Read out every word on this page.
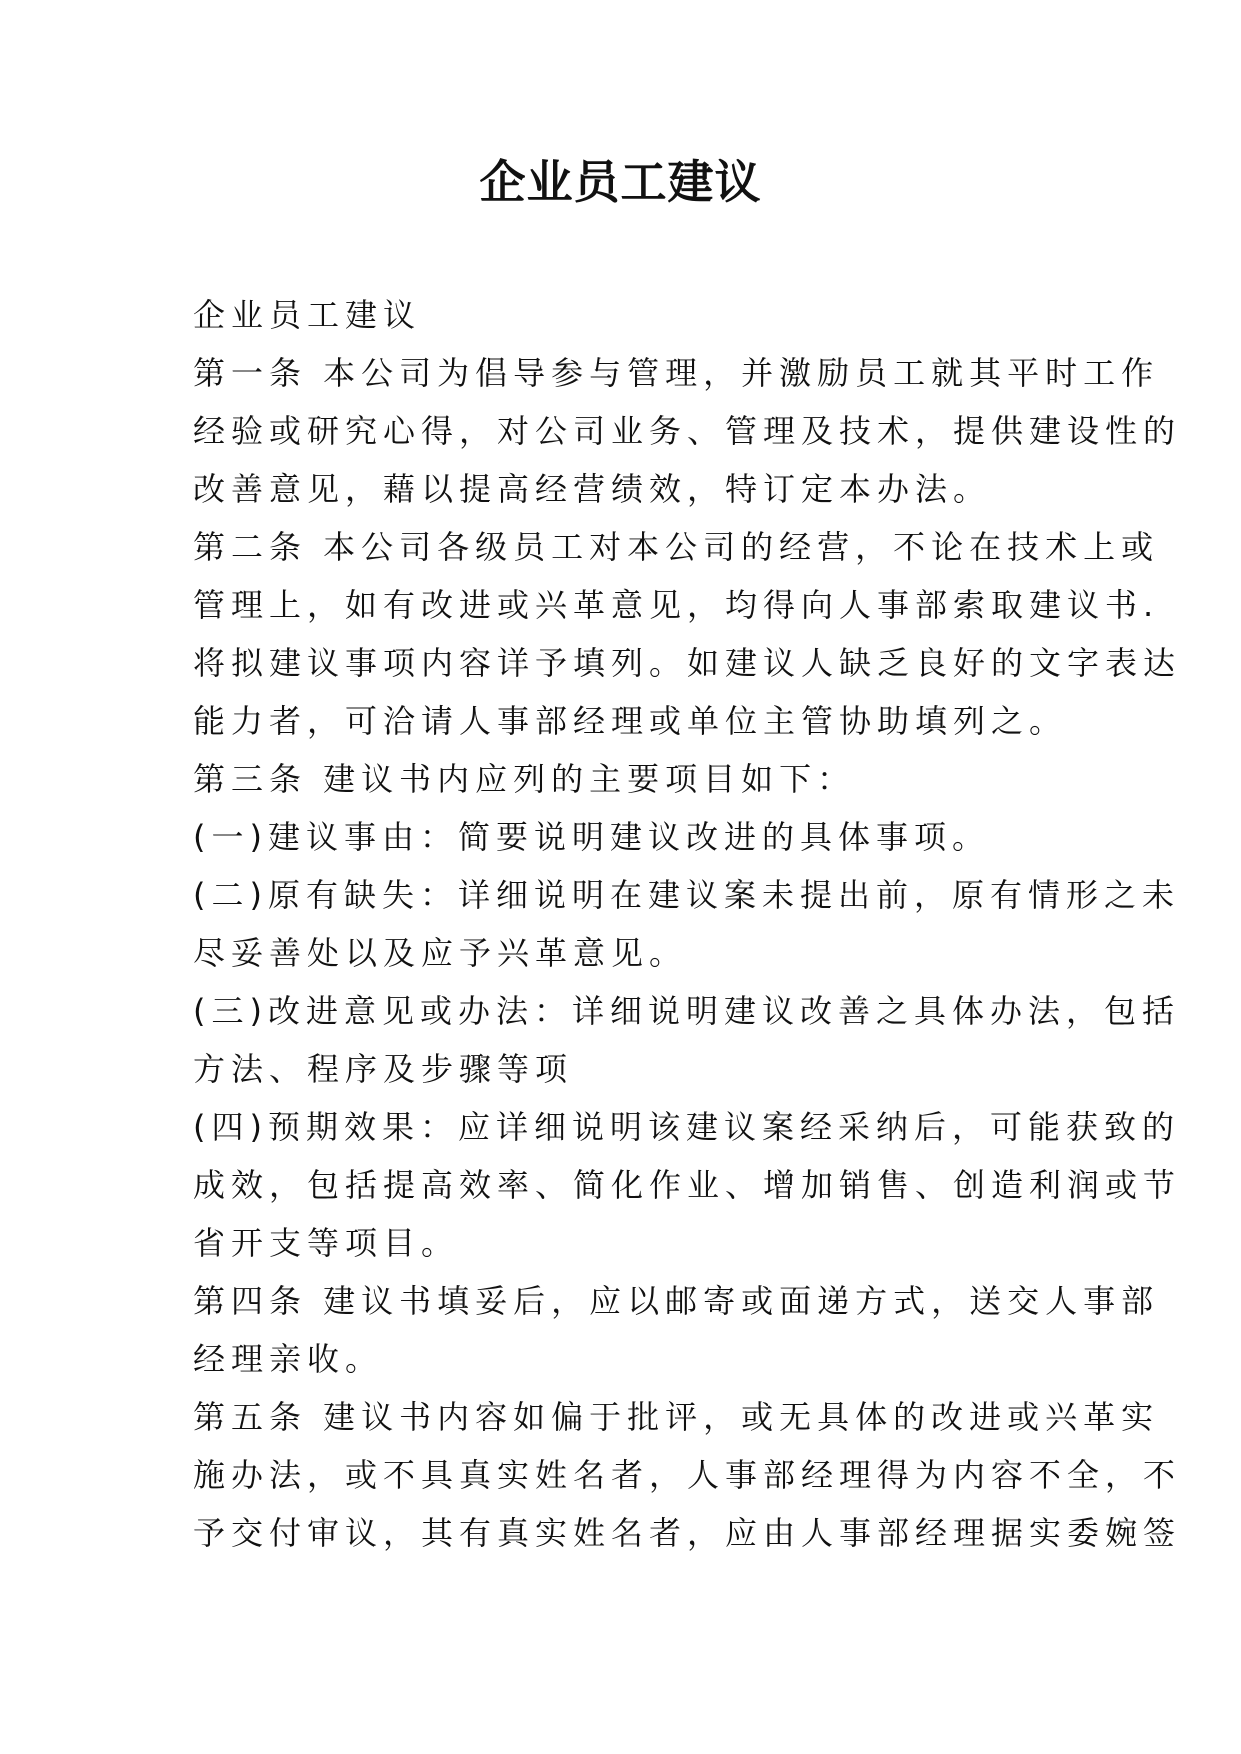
企业员工建议
企业员工建议
第一条 本公司为倡导参与管理，并激励员工就其平时工作
经验或研究心得，对公司业务、管理及技术，提供建设性的
改善意见，藉以提高经营绩效，特订定本办法。
第二条 本公司各级员工对本公司的经营，不论在技术上或
管理上，如有改进或兴革意见，均得向人事部索取建议书.
将拟建议事项内容详予填列。如建议人缺乏良好的文字表达
能力者，可洽请人事部经理或单位主管协助填列之。
第三条 建议书内应列的主要项目如下：
(一)建议事由：简要说明建议改进的具体事项。
(二)原有缺失：详细说明在建议案未提出前，原有情形之未
尽妥善处以及应予兴革意见。
(三)改进意见或办法：详细说明建议改善之具体办法，包括
方法、程序及步骤等项
(四)预期效果：应详细说明该建议案经采纳后，可能获致的
成效，包括提高效率、简化作业、增加销售、创造利润或节
省开支等项目。
第四条 建议书填妥后，应以邮寄或面递方式，送交人事部
经理亲收。
第五条 建议书内容如偏于批评，或无具体的改进或兴革实
施办法，或不具真实姓名者，人事部经理得为内容不全，不
予交付审议，其有真实姓名者，应由人事部经理据实委婉签
